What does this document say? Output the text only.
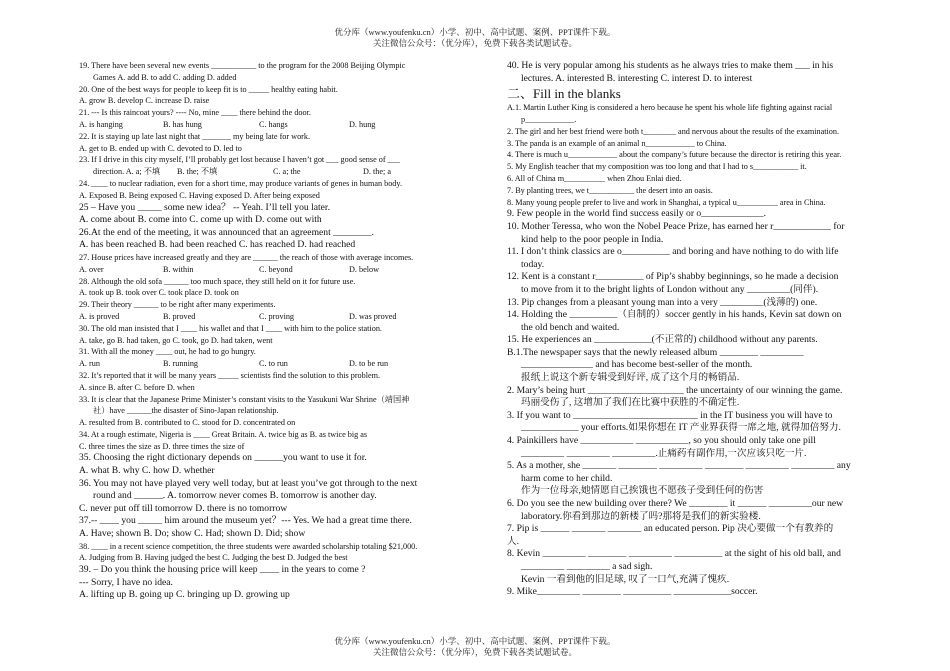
优分库（www.youfenku.cn）小学、初中、高中试题、案例、PPT课件下载。
关注微信公众号：（优分库），免费下载各类试题试卷。
19. There have been several new events ___________ to the program for the 2008 Beijing Olympic
Games A. add B. to add C. adding D. added
20. One of the best ways for people to keep fit is to _____ healthy eating habit.
A. grow B. develop C. increase D. raise
21. --- Is this raincoat yours? ---- No, mine ____ there behind the door.
A. is hanging	B. has hung	C. hangs	D. hung
22. It is staying up late last night that _______ my being late for work.
A. get to B. ended up with C. devoted to D. led to
23. If I drive in this city myself, I’ll probably get lost because I haven’t got ___ good sense of ___
direction. A. a; 不填	B. the; 不填	C. a; the	D. the; a
24. ____ to nuclear radiation, even for a short time, may produce variants of genes in human body.
A. Exposed B. Being exposed C. Having exposed D. After being exposed
25 – Have you _____ some new idea？ -- Yeah. I’ll tell you later.
A. come about B. come into C. come up with D. come out with
26.At the end of the meeting, it was announced that an agreement ________.
A. has been reached B. had been reached C. has reached D. had reached
27. House prices have increased greatly and they are ______ the reach of those with average incomes.
A. over	B. within	C. beyond	D. below
28. Although the old sofa ______ too much space, they still held on it for future use.
A. took up B. took over C. took place D. took on
29. Their theory ______ to be right after many experiments.
A. is proved	B. proved	C. proving	D. was proved
30. The old man insisted that I ____ his wallet and that I ____ with him to the police station.
A. take, go B. had taken, go C. took, go D. had taken, went
31. With all the money ____ out, he had to go hungry.
A. run	B. running	C. to run	D. to be run
32. It’s reported that it will be many years _____ scientists find the solution to this problem.
A. since B. after C. before D. when
33. It is clear that the Japanese Prime Minister’s constant visits to the Yasukuni War Shrine（靖国神
社）have ______the disaster of Sino-Japan relationship.
A. resulted from B. contributed to C. stood for D. concentrated on
34. At a rough estimate, Nigeria is ____ Great Britain. A. twice big as B. as twice big as
C. three times the size as D. three times the size of
35. Choosing the right dictionary depends on ______you want to use it for.
A. what B. why C. how D. whether
36. You may not have played very well today, but at least you’ve got through to the next
round and ______. A. tomorrow never comes B. tomorrow is another day.
C. never put off till tomorrow D. there is no tomorrow
37.-- ____ you _____ him around the museum yet？--- Yes. We had a great time there.
A. Have; shown B. Do; show C. Had; shown D. Did; show
38. ____ in a recent science competition, the three students were awarded scholarship totaling $21,000.
A. Judging from B. Having judged the best C. Judging the best D. Judged the best
39. – Do you think the housing price will keep ____ in the years to come ?
--- Sorry, I have no idea.
A. lifting up B. going up C. bringing up D. growing up
40. He is very popular among his students as he always tries to make them ___ in his
lectures. A. interested B. interesting C. interest D. to interest
二、Fill in the blanks
A.1. Martin Luther King is considered a hero because he spent his whole life fighting against racial
p____________.
2. The girl and her best friend were both t________ and nervous about the results of the examination.
3. The panda is an example of an animal n____________ to China.
4. There is much u____________ about the company’s future because the director is retiring this year.
5. My English teacher that my composition was too long and that I had to s___________ it.
6. All of China m__________ when Zhou Enlai died.
7. By planting trees, we t___________ the desert into an oasis.
8. Many young people prefer to live and work in Shanghai, a typical u__________ area in China.
9. Few people in the world find success easily or o_____________.
10. Mother Teressa, who won the Nobel Peace Prize, has earned her r____________ for
kind help to the poor people in India.
11. I don’t think classics are o__________ and boring and have nothing to do with life
today.
12. Kent is a constant r__________ of Pip’s shabby beginnings, so he made a decision
to move from it to the bright lights of London without any _________(同伴).
13. Pip changes from a pleasant young man into a very _________(浅薄的) one.
14. Holding the __________（自制的）soccer gently in his hands, Kevin sat down on
the old bench and waited.
15. He experiences an ____________(不正常的) childhood without any parents.
B.1.The newspaper says that the newly released album ________ _________
_______________ and has become best-seller of the month.
报纸上说这个新专辑受到好评, 成了这个月的畅销品.
2. Mary’s being hurt ____________________ the uncertainty of our winning the game.
玛丽受伤了, 这增加了我们在比赛中获胜的不确定性.
3. If you want to __________________________ in the IT business you will have to
____________ your efforts.如果你想在 IT 产业界获得一席之地, 就得加倍努力.
4. Painkillers have ___________ ___________, so you should only take one pill
_________ _________ _________.止痛药有副作用,一次应该只吃一片.
5. As a mother, she _______ ________ _________ ________ _________ _________ any
harm come to her child.
作为一位母亲,她情愿自己挨饿也不愿孩子受到任何的伤害
6. Do you see the new building over there? We ________ it ______ _________our new
laboratory.你看到那边的新楼了吗?那将是我们的新实验楼.
7. Pip is ______ _______ _______ an educated person. Pip 决心要做一个有教养的
人.
8. Kevin _________ ________ _________ __________ at the sight of his old ball, and
_________ _________ a sad sigh.
Kevin 一看到他的旧足球, 叹了一口气,充满了愧疚.
9. Mike_________ ________ __________ ____________soccer.
优分库（www.youfenku.cn）小学、初中、高中试题、案例、PPT课件下载。
关注微信公众号：（优分库），免费下载各类试题试卷。
